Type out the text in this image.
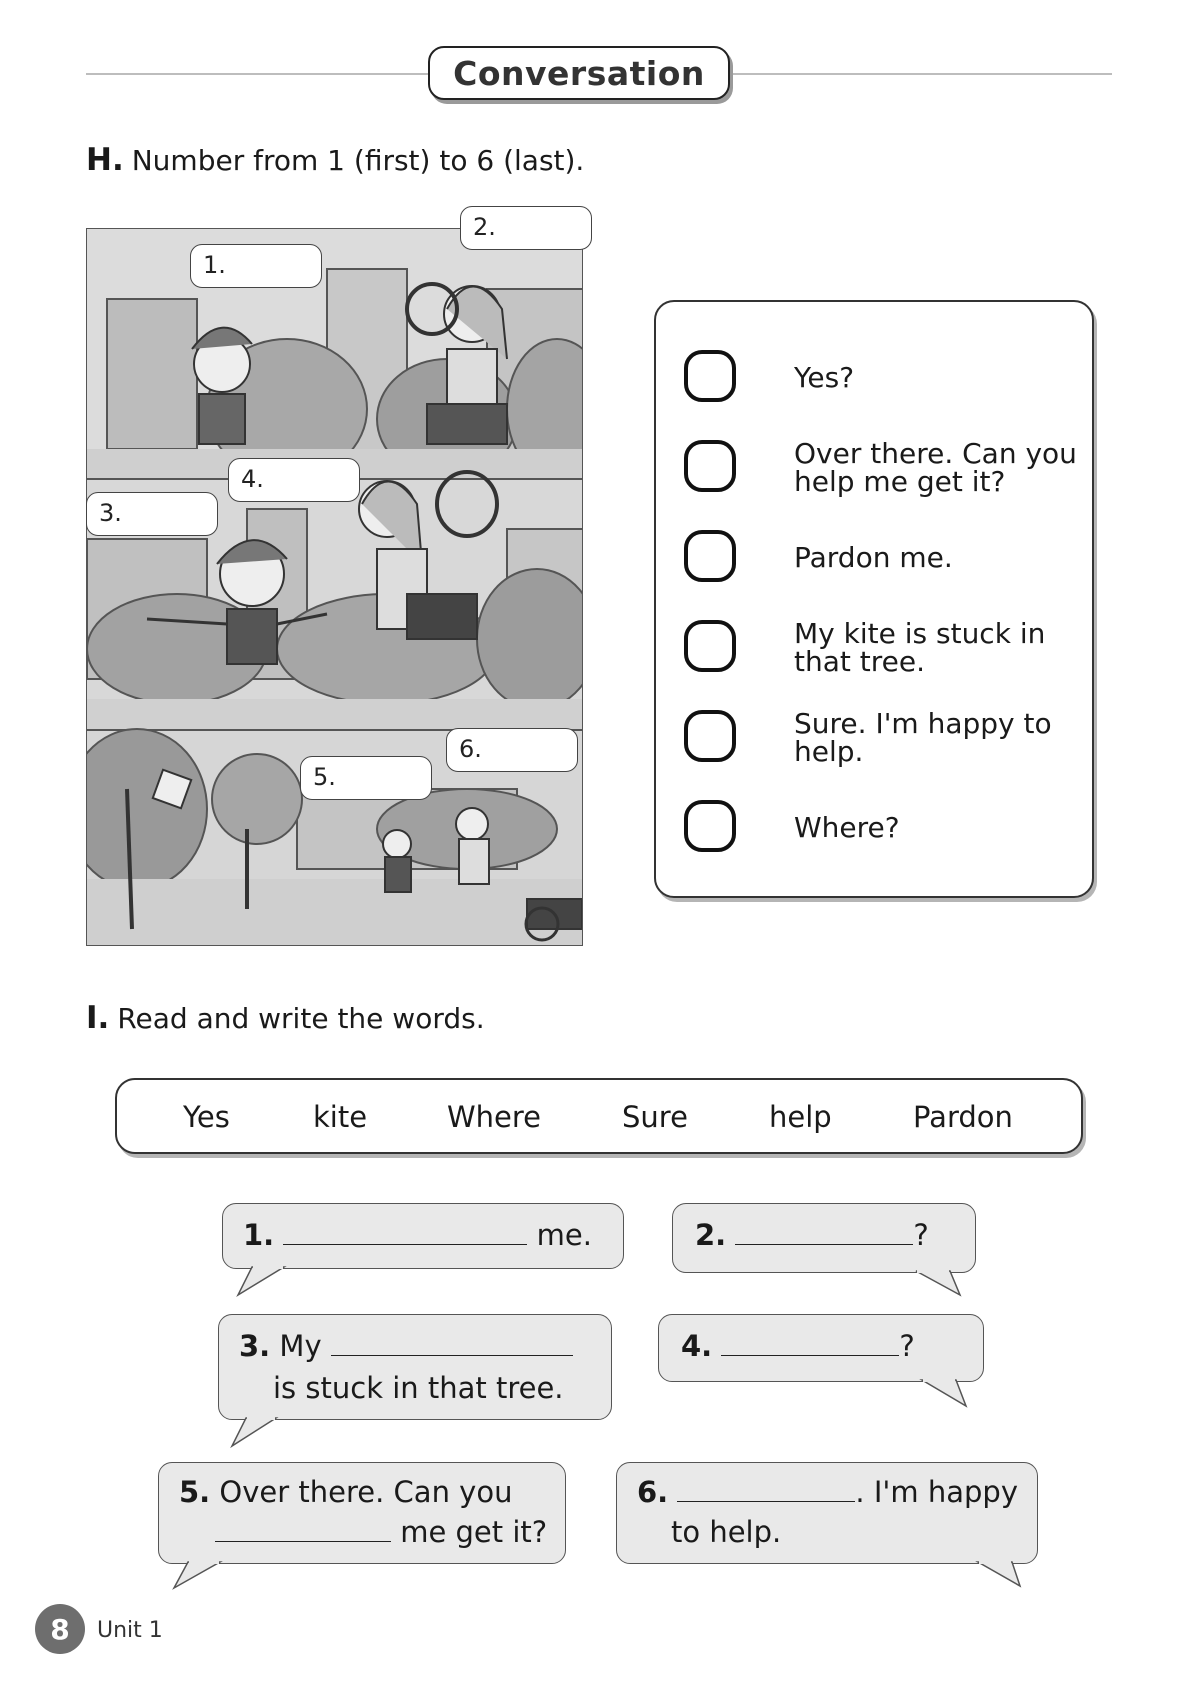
Conversation
H. Number from 1 (first) to 6 (last).
1.
2.
3.
4.
5.
6.
Yes?
Over there. Can you help me get it?
Pardon me.
My kite is stuck in that tree.
Sure. I'm happy to help.
Where?
I. Read and write the words.
Yes	kite	Where	Sure	help	Pardon
1.	me.	2.	?
3. My
is stuck in that tree.
4.	?
5. Over there. Can you
me get it?
6.	. I'm happy
to help.
8	Unit 1
